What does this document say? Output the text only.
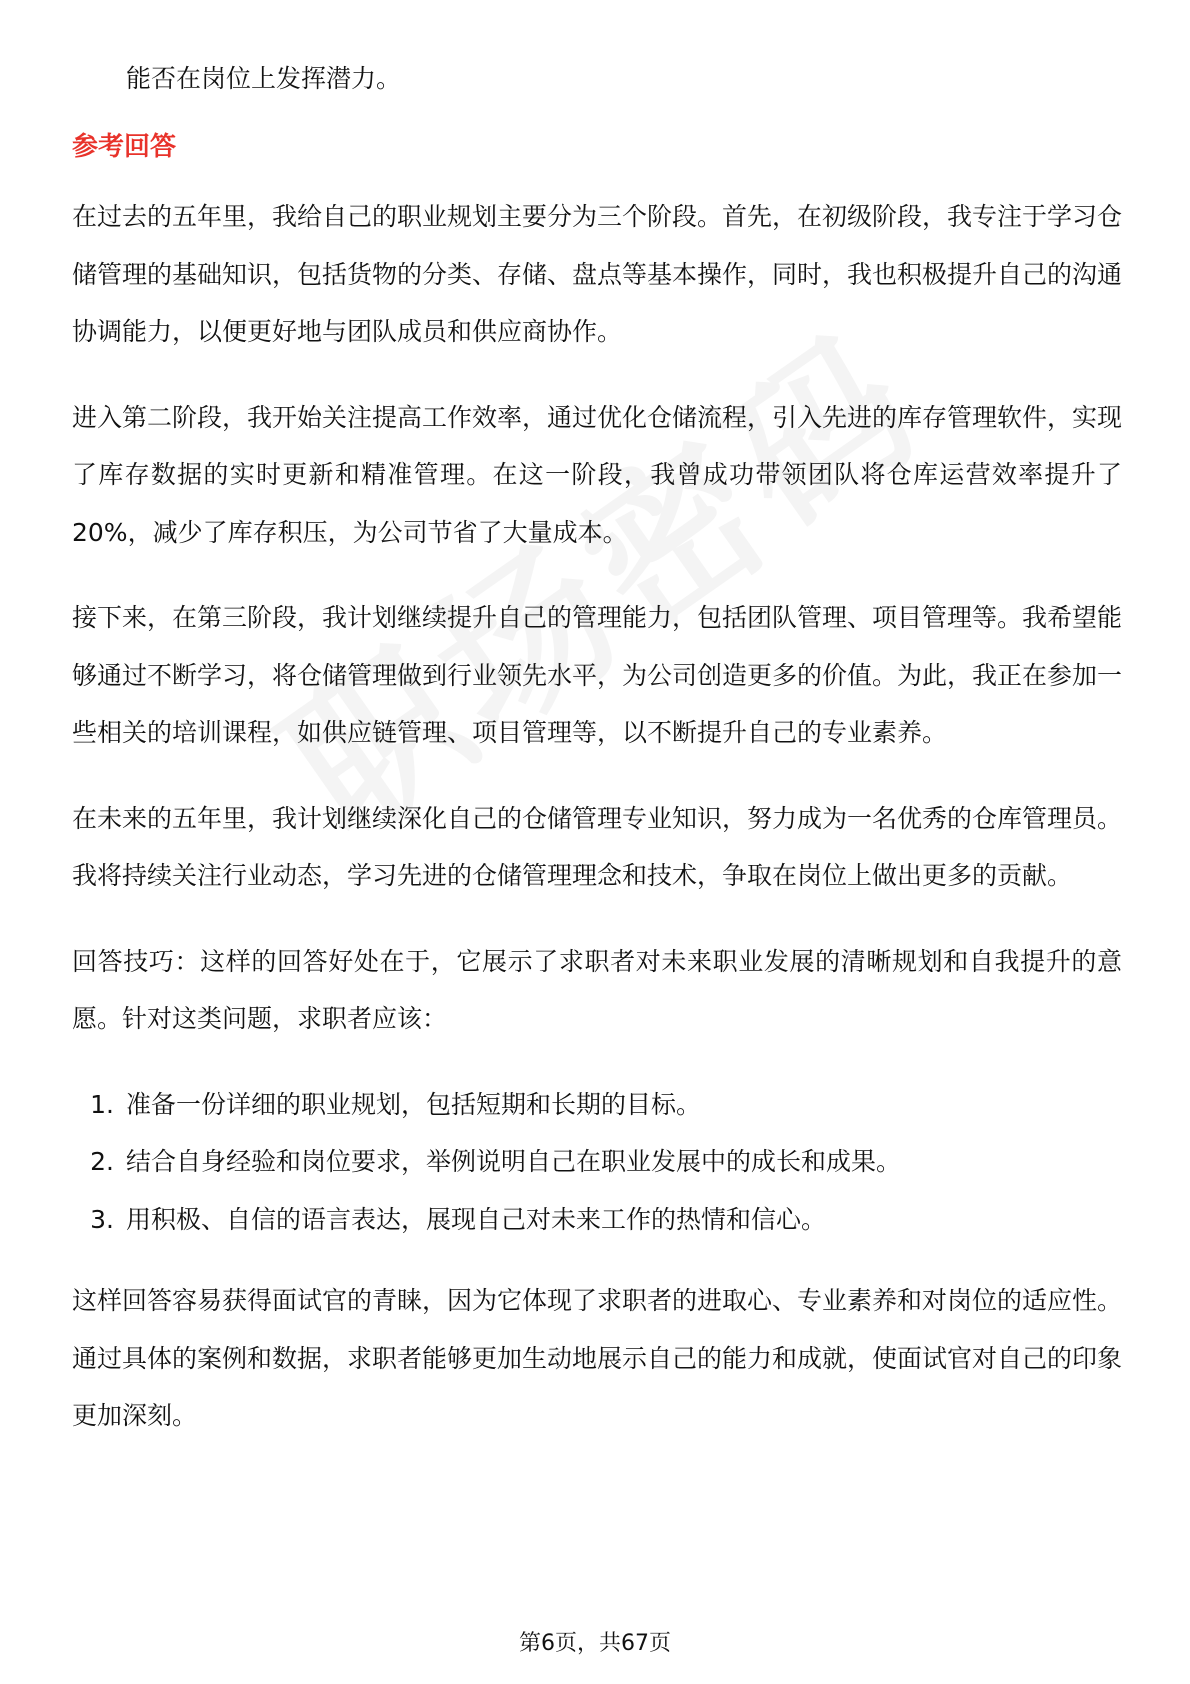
能否在岗位上发挥潜力。
参考回答

在过去的五年里，我给自己的职业规划主要分为三个阶段。首先，在初级阶段，我专注于学习仓储管理的基础知识，包括货物的分类、存储、盘点等基本操作，同时，我也积极提升自己的沟通协调能力，以便更好地与团队成员和供应商协作。

进入第二阶段，我开始关注提高工作效率，通过优化仓储流程，引入先进的库存管理软件，实现了库存数据的实时更新和精准管理。在这一阶段，我曾成功带领团队将仓库运营效率提升了20%，减少了库存积压，为公司节省了大量成本。

接下来，在第三阶段，我计划继续提升自己的管理能力，包括团队管理、项目管理等。我希望能够通过不断学习，将仓储管理做到行业领先水平，为公司创造更多的价值。为此，我正在参加一些相关的培训课程，如供应链管理、项目管理等，以不断提升自己的专业素养。

在未来的五年里，我计划继续深化自己的仓储管理专业知识，努力成为一名优秀的仓库管理员。我将持续关注行业动态，学习先进的仓储管理理念和技术，争取在岗位上做出更多的贡献。

回答技巧：这样的回答好处在于，它展示了求职者对未来职业发展的清晰规划和自我提升的意愿。针对这类问题，求职者应该：

1. 准备一份详细的职业规划，包括短期和长期的目标。
2. 结合自身经验和岗位要求，举例说明自己在职业发展中的成长和成果。
3. 用积极、自信的语言表达，展现自己对未来工作的热情和信心。

这样回答容易获得面试官的青睐，因为它体现了求职者的进取心、专业素养和对岗位的适应性。通过具体的案例和数据，求职者能够更加生动地展示自己的能力和成就，使面试官对自己的印象更加深刻。

第6页，共67页
